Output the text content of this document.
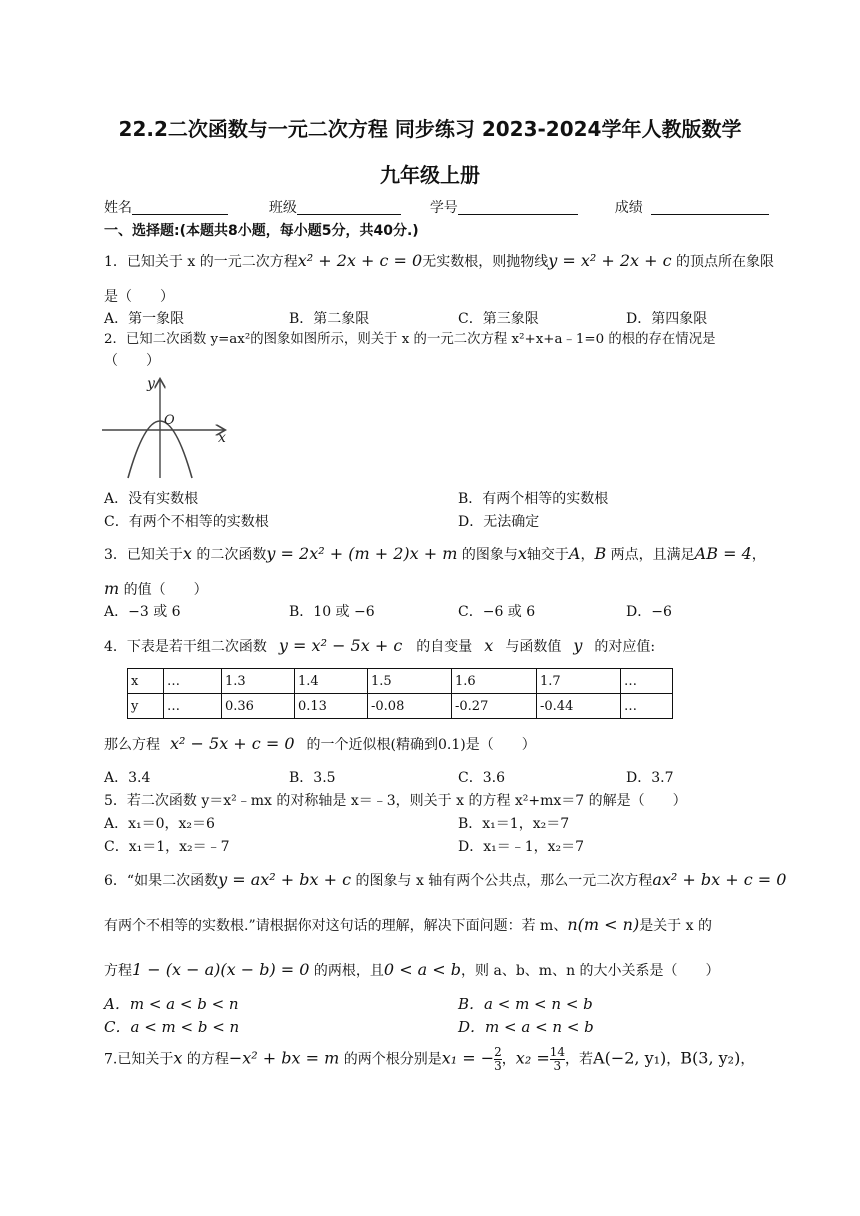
22.2二次函数与一元二次方程 同步练习 2023-2024学年人教版数学
九年级上册
姓名	班级	学号	成绩
一、选择题:(本题共8小题，每小题5分，共40分.)
1．已知关于 x 的一元二次方程x² + 2x + c = 0无实数根，则抛物线y = x² + 2x + c 的顶点所在象限
是（　　）
A．第一象限	B．第二象限	C．第三象限	D．第四象限
2．已知二次函数 y=ax²的图象如图所示，则关于 x 的一元二次方程 x²+x+a﹣1=0 的根的存在情况是
（　　）
y
x
O
A．没有实数根	B．有两个相等的实数根
C．有两个不相等的实数根	D．无法确定
3．已知关于x 的二次函数y = 2x² + (m + 2)x + m 的图象与x轴交于A，B 两点，且满足AB = 4，
m 的值（　　）
A．−3 或 6	B．10 或 −6	C．−6 或 6	D．−6
4．下表是若干组二次函数 y = x² − 5x + c 的自变量 x 与函数值 y 的对应值:
x	…	1.3	1.4	1.5	1.6	1.7	…
y	…	0.36	0.13	-0.08	-0.27	-0.44	…
那么方程 x² − 5x + c = 0 的一个近似根(精确到0.1)是（　　）
A．3.4	B．3.5	C．3.6	D．3.7
5．若二次函数 y＝x²﹣mx 的对称轴是 x＝﹣3，则关于 x 的方程 x²+mx＝7 的解是（　　）
A．x₁＝0，x₂＝6	B．x₁＝1，x₂＝7
C．x₁＝1，x₂＝﹣7	D．x₁＝﹣1，x₂＝7
6．“如果二次函数y = ax² + bx + c 的图象与 x 轴有两个公共点，那么一元二次方程ax² + bx + c = 0
有两个不相等的实数根.”请根据你对这句话的理解，解决下面问题：若 m、n(m < n)是关于 x 的
方程1 − (x − a)(x − b) = 0 的两根，且0 < a < b，则 a、b、m、n 的大小关系是（　　）
A．m < a < b < n	B．a < m < n < b
C．a < m < b < n	D．m < a < n < b
7.已知关于x 的方程−x² + bx = m 的两个根分别是x₁ = − $\frac{2}{3}$ ，$x_2 = \frac{14}{3}$ ，若A(−2, y₁)，B(3, y₂)，
